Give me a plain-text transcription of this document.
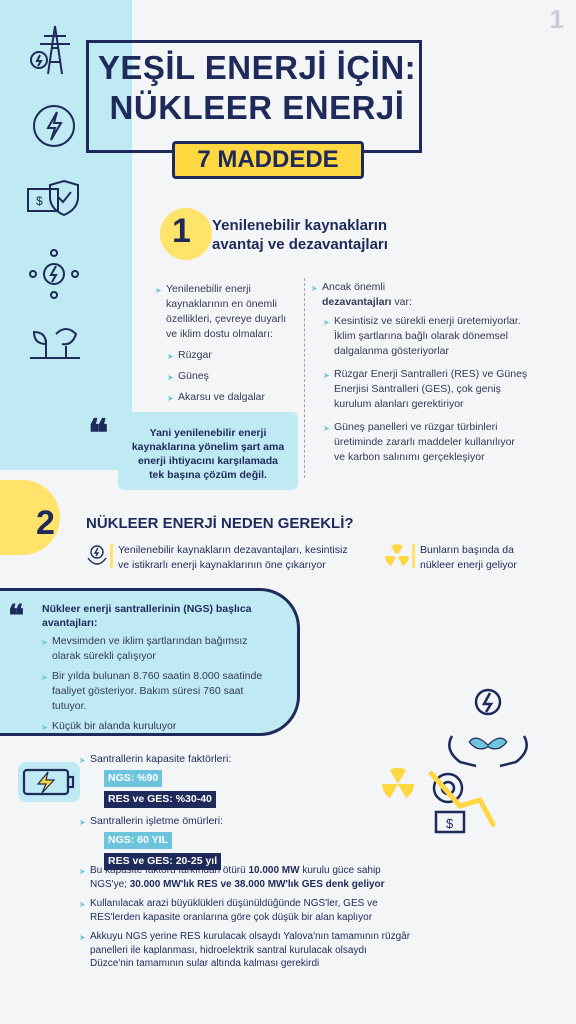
1
$
YEŞİL ENERJİ İÇİN:
NÜKLEER ENERJİ
7 MADDEDE
1 Yenilenebilir kaynakların
avantaj ve dezavantajları
➤ Yenilenebilir enerji
kaynaklarının en önemli
özellikleri, çevreye duyarlı
ve iklim dostu olmaları:
➤ Rüzgar
➤ Güneş
➤ Akarsu ve dalgalar
➤
➤ Ancak önemli
dezavantajları var:
➤ Kesintisiz ve sürekli enerji üretemiyorlar.
İklim şartlarına bağlı olarak dönemsel
dalgalanma gösteriyorlar
➤ Rüzgar Enerji Santralleri (RES) ve Güneş
Enerjisi Santralleri (GES), çok geniş
kurulum alanları gerektiriyor
➤ Güneş panelleri ve rüzgar türbinleri
üretiminde zararlı maddeler kullanılıyor
ve karbon salınımı gerçekleşiyor
❝	Yani yenilenebilir enerji
kaynaklarına yönelim şart ama
enerji ihtiyacını karşılamada
tek başına çözüm değil.
2 NÜKLEER ENERJİ NEDEN GEREKLİ?
Yenilenebilir kaynakların dezavantajları, kesintisiz
ve istikrarlı enerji kaynaklarının öne çıkarıyor
Bunların başında da
nükleer enerji geliyor
❝ Nükleer enerji santrallerinin (NGS) başlıca
avantajları:
➤ Mevsimden ve iklim şartlarından bağımsız
olarak sürekli çalışıyor
➤ Bir yılda bulunan 8.760 saatin 8.000 saatinde
faaliyet gösteriyor. Bakım süresi 760 saat
tutuyor.
➤ Küçük bir alanda kuruluyor
$
➤ Santrallerin kapasite faktörleri:
NGS: %90
RES ve GES: %30-40
➤ Santrallerin işletme ömürleri:
NGS: 60 YIL
RES ve GES: 20-25 yıl
➤ Bu kapasite faktörü farkından ötürü 10.000 MW kurulu güce sahip
NGS'ye; 30.000 MW'lık RES ve 38.000 MW'lık GES denk geliyor
➤ Kullanılacak arazi büyüklükleri düşünüldüğünde NGS'ler, GES ve
RES'lerden kapasite oranlarına göre çok düşük bir alan kaplıyor
➤ Akkuyu NGS yerine RES kurulacak olsaydı Yalova'nın tamamının rüzgâr
panelleri ile kaplanması, hidroelektrik santral kurulacak olsaydı
Düzce'nin tamamının sular altında kalması gerekirdi
